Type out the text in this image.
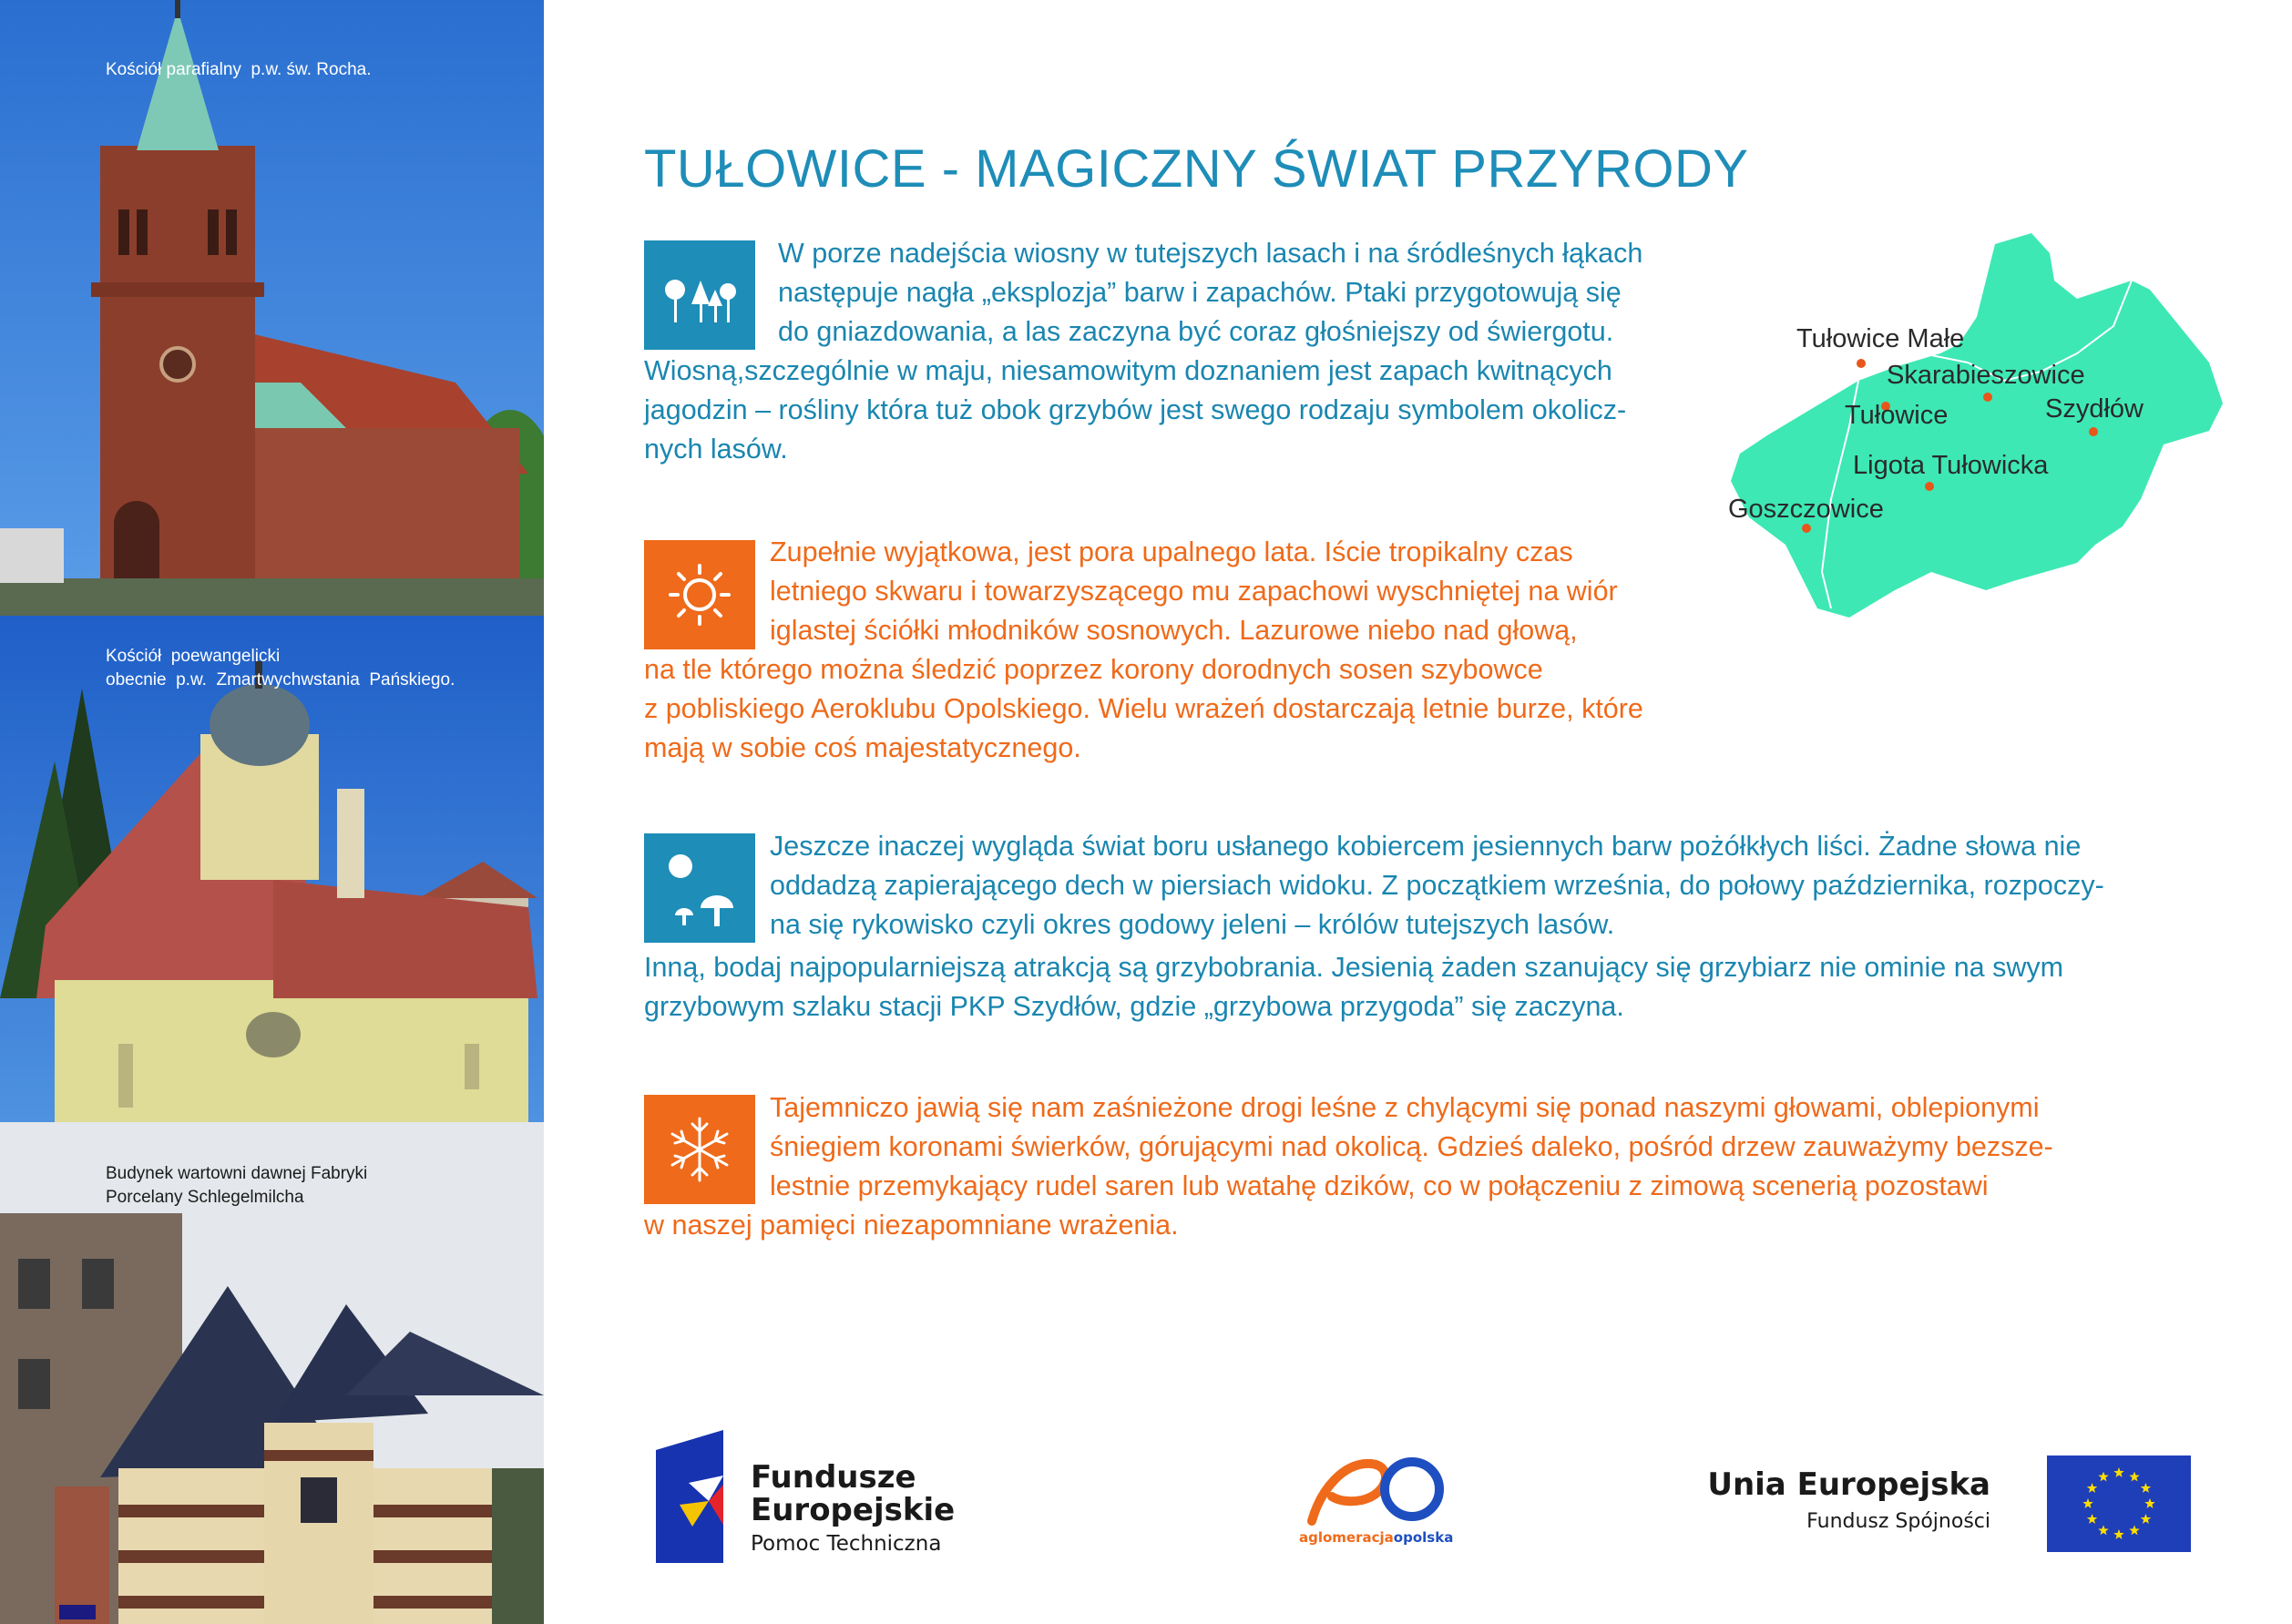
Kościół parafialny  p.w. św. Rocha.
Kościół  poewangelicki
obecnie  p.w.  Zmartwychwstania  Pańskiego.
Budynek wartowni dawnej Fabryki
Porcelany Schlegelmilcha
TUŁOWICE - MAGICZNY ŚWIAT PRZYRODY
W porze nadejścia wiosny w tutejszych lasach i na śródleśnych łąkach
następuje nagła „eksplozja” barw i zapachów. Ptaki przygotowują się
do gniazdowania, a las zaczyna być coraz głośniejszy od świergotu.
Wiosną,szczególnie w maju, niesamowitym doznaniem jest zapach kwitnących
jagodzin – rośliny która tuż obok grzybów jest swego rodzaju symbolem okolicz-
nych lasów.
Zupełnie wyjątkowa, jest pora upalnego lata. Iście tropikalny czas
letniego skwaru i towarzyszącego mu zapachowi wyschniętej na wiór
iglastej ściółki młodników sosnowych. Lazurowe niebo nad głową,
na tle którego można śledzić poprzez korony dorodnych sosen szybowce
z pobliskiego Aeroklubu Opolskiego. Wielu wrażeń dostarczają letnie burze, które
mają w sobie coś majestatycznego.
Jeszcze inaczej wygląda świat boru usłanego kobiercem jesiennych barw pożółkłych liści. Żadne słowa nie
oddadzą zapierającego dech w piersiach widoku. Z początkiem września, do połowy października, rozpoczy-
na się rykowisko czyli okres godowy jeleni – królów tutejszych lasów.
Inną, bodaj najpopularniejszą atrakcją są grzybobrania. Jesienią żaden szanujący się grzybiarz nie ominie na swym
grzybowym szlaku stacji PKP Szydłów, gdzie „grzybowa przygoda” się zaczyna.
Tajemniczo jawią się nam zaśnieżone drogi leśne z chylącymi się ponad naszymi głowami, oblepionymi
śniegiem koronami świerków, górującymi nad okolicą. Gdzieś daleko, pośród drzew zauważymy bezsze-
lestnie przemykający rudel saren lub watahę dzików, co w połączeniu z zimową scenerią pozostawi
w naszej pamięci niezapomniane wrażenia.
Tułowice Małe
Skarabieszowice
Tułowice	Szydłów
Ligota Tułowicka
Goszczowice
Fundusze
Europejskie
Pomoc Techniczna	aglomeracjaopolska
Unia Europejska
Fundusz Spójności
